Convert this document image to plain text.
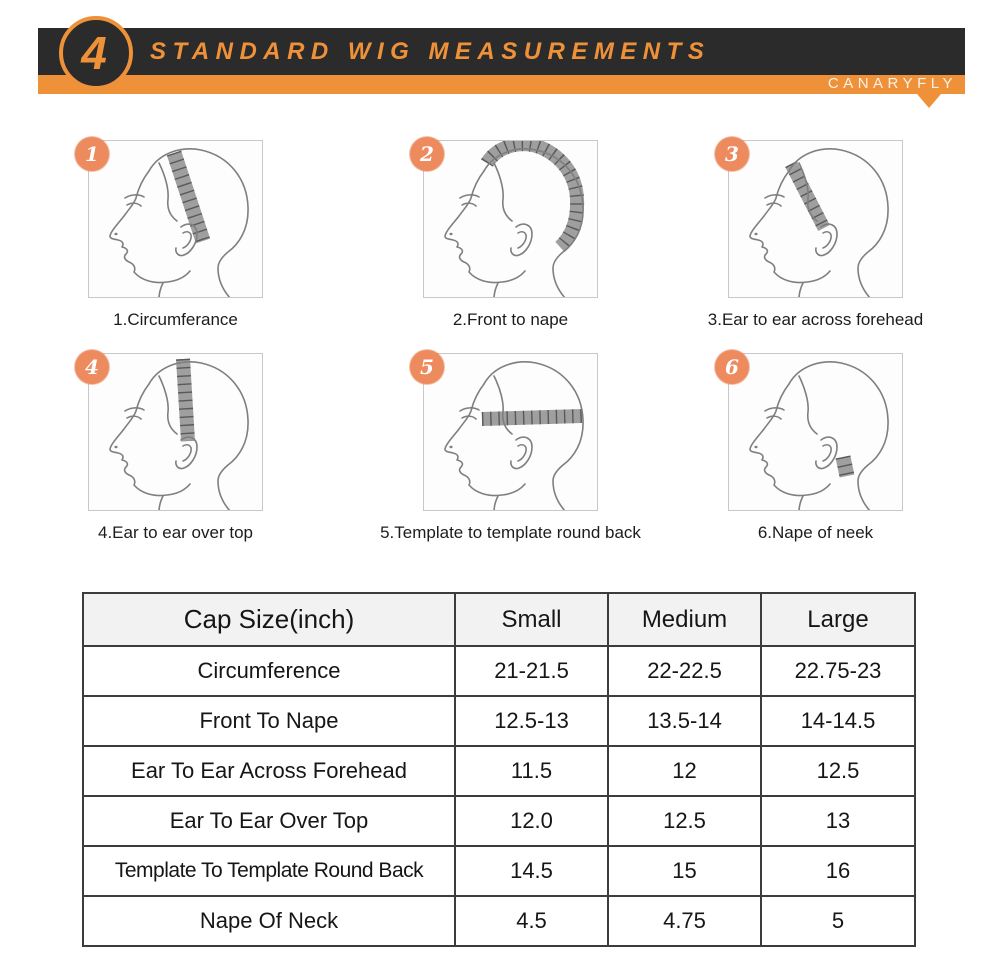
STANDARD WIG MEASUREMENTS
CANARYFLY
4
1
1.Circumferance
2
2.Front to nape
3
3.Ear to ear across forehead
4
4.Ear to ear over top
5
5.Template to template round back
6
6.Nape of neek
Cap Size(inch)	Small	Medium	Large
Circumference	21-21.5	22-22.5	22.75-23
Front To Nape	12.5-13	13.5-14	14-14.5
Ear To Ear Across Forehead	11.5	12	12.5
Ear To Ear Over Top	12.0	12.5	13
Template To Template Round Back	14.5	15	16
Nape Of Neck	4.5	4.75	5
